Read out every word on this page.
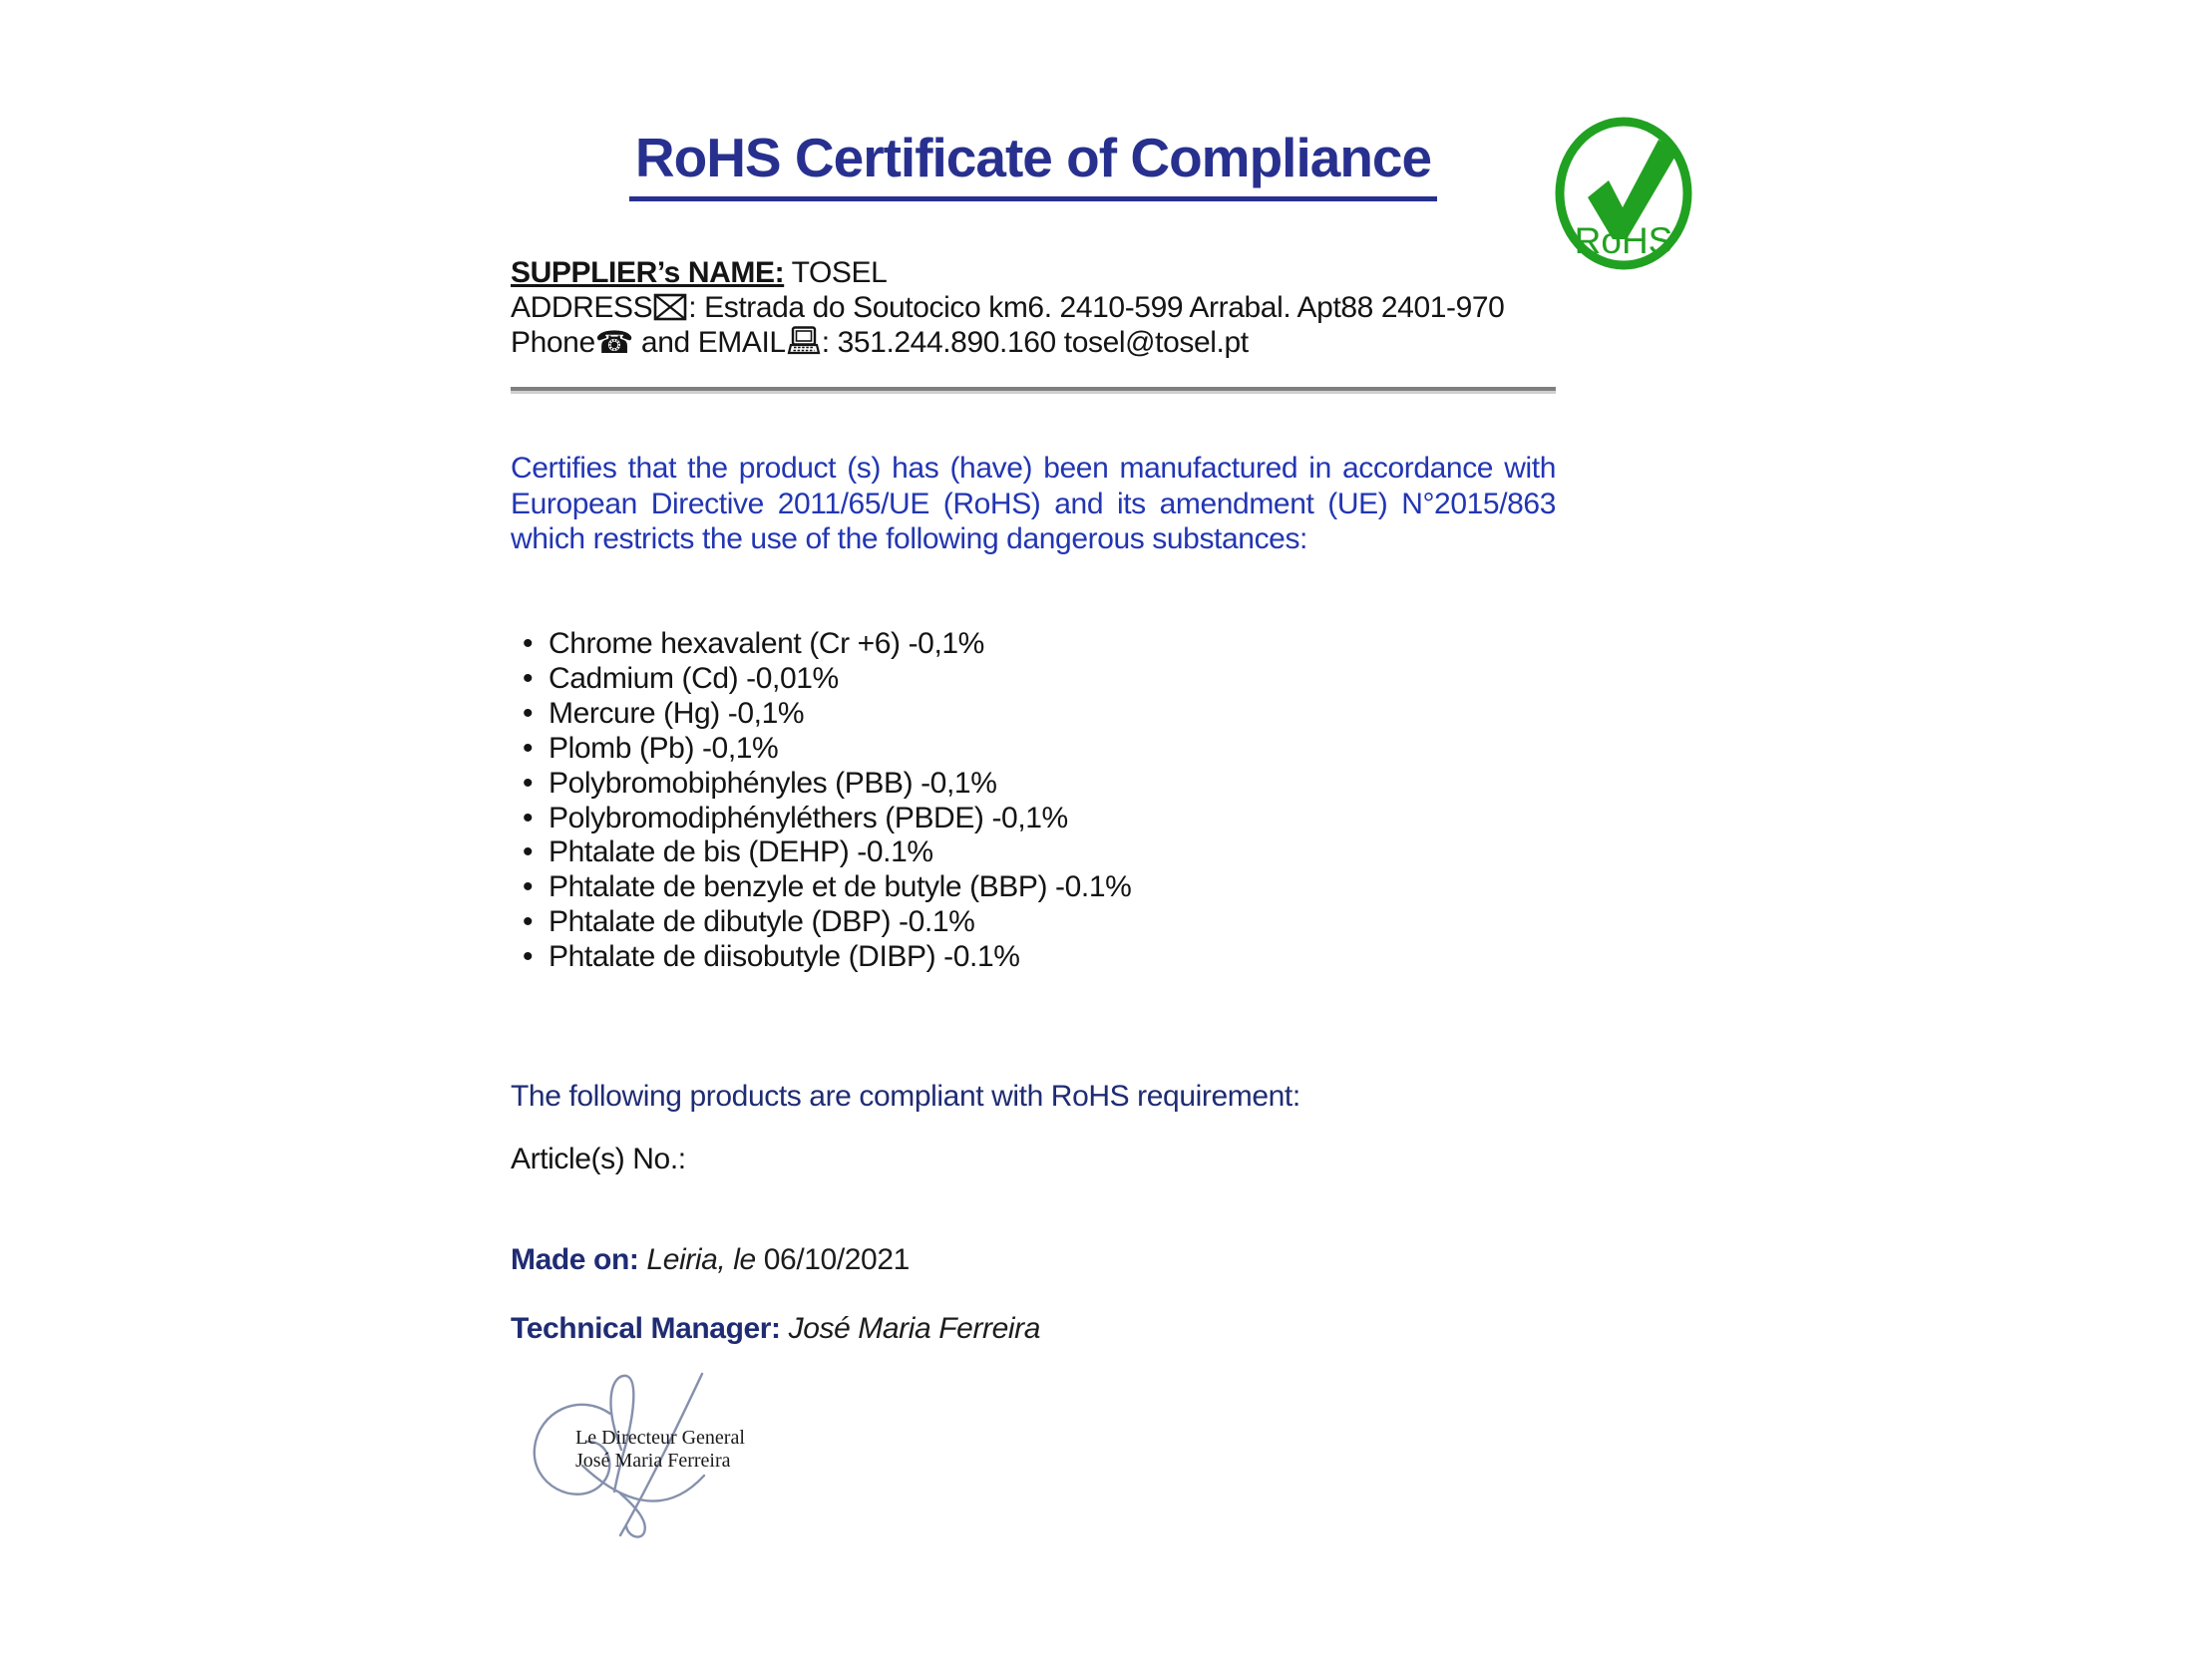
RoHS Certificate of Compliance
RoHS
SUPPLIER’s NAME: TOSEL
ADDRESS : Estrada do Soutocico km6. 2410-599 Arrabal. Apt88 2401-970
Phone☎ and EMAIL : 351.244.890.160 tosel@tosel.pt
Certifies that the product (s) has (have) been manufactured in accordance with European Directive 2011/65/UE (RoHS) and its amendment (UE) N°2015/863 which restricts the use of the following dangerous substances:
•  Chrome hexavalent (Cr +6) -0,1%
•  Cadmium (Cd) -0,01%
•  Mercure (Hg) -0,1%
•  Plomb (Pb) -0,1%
•  Polybromobiphényles (PBB) -0,1%
•  Polybromodiphényléthers (PBDE) -0,1%
•  Phtalate de bis (DEHP) -0.1%
•  Phtalate de benzyle et de butyle (BBP) -0.1%
•  Phtalate de dibutyle (DBP) -0.1%
•  Phtalate de diisobutyle (DIBP) -0.1%
The following products are compliant with RoHS requirement:
Article(s) No.:
Made on: Leiria, le 06/10/2021
Technical Manager: José Maria Ferreira
Le Directeur General
José Maria Ferreira
